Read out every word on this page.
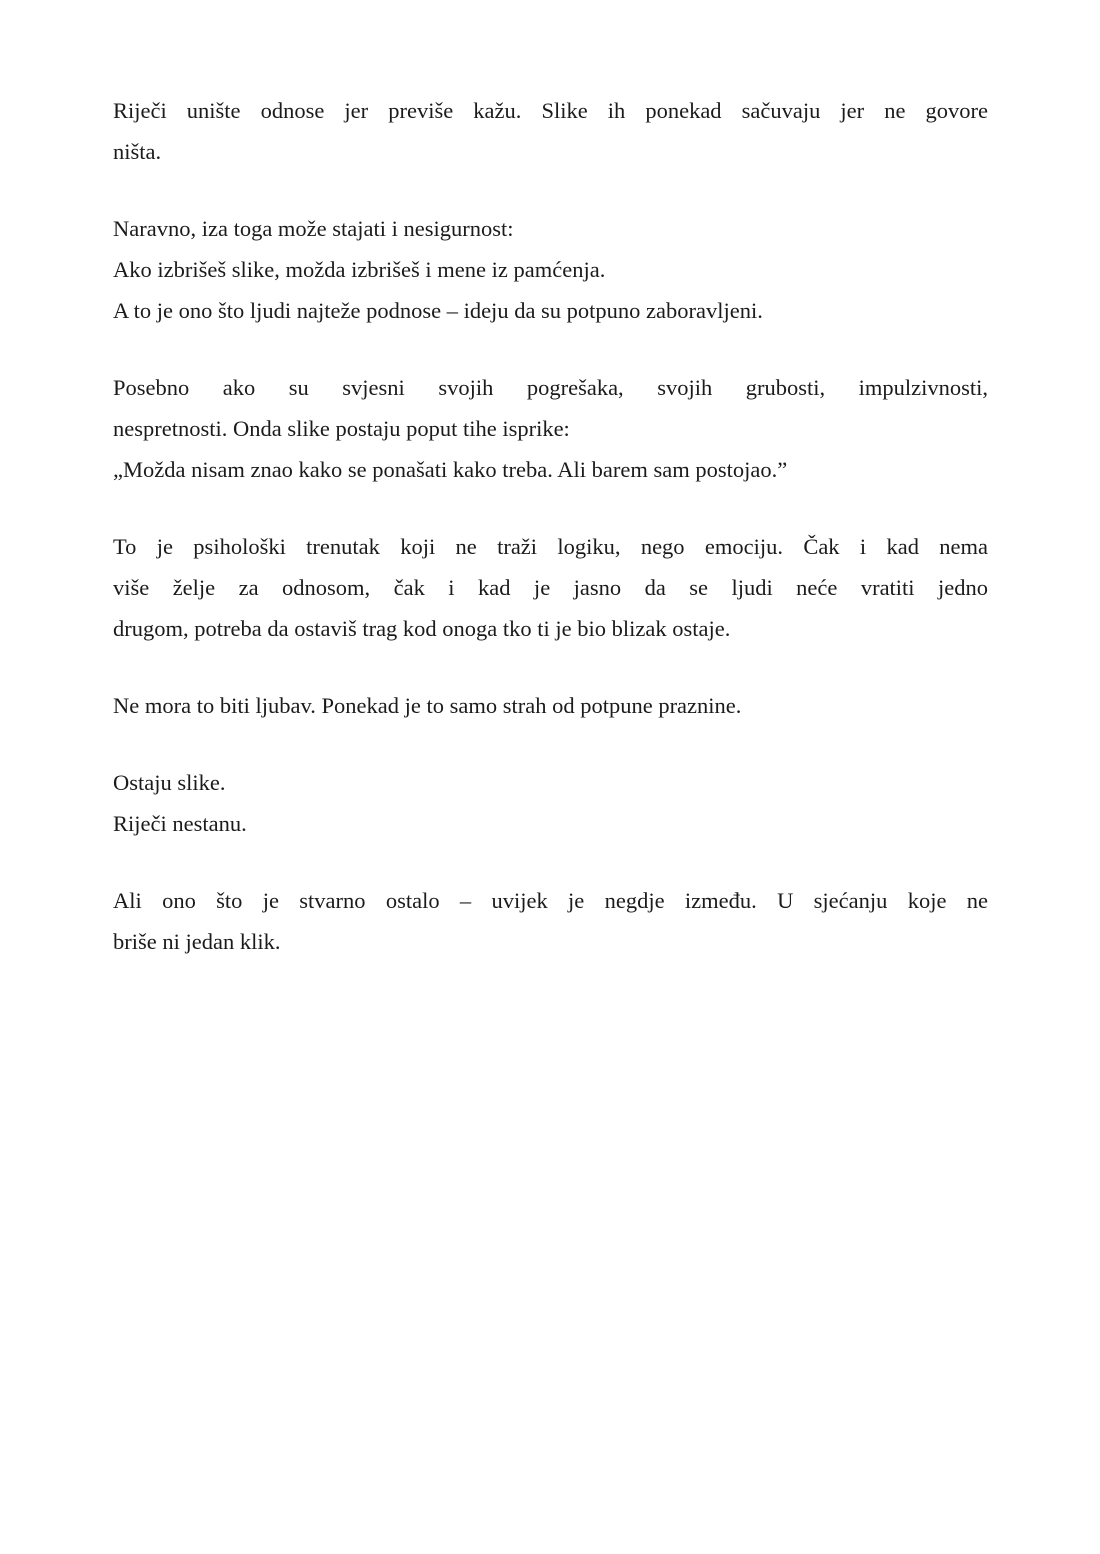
Riječi unište odnose jer previše kažu. Slike ih ponekad sačuvaju jer ne govore
ništa.
Naravno, iza toga može stajati i nesigurnost:
Ako izbrišeš slike, možda izbrišeš i mene iz pamćenja.
A to je ono što ljudi najteže podnose – ideju da su potpuno zaboravljeni.
Posebno ako su svjesni svojih pogrešaka, svojih grubosti, impulzivnosti,
nespretnosti. Onda slike postaju poput tihe isprike:
„Možda nisam znao kako se ponašati kako treba. Ali barem sam postojao.”
To je psihološki trenutak koji ne traži logiku, nego emociju. Čak i kad nema
više želje za odnosom, čak i kad je jasno da se ljudi neće vratiti jedno
drugom, potreba da ostaviš trag kod onoga tko ti je bio blizak ostaje.
Ne mora to biti ljubav. Ponekad je to samo strah od potpune praznine.
Ostaju slike.
Riječi nestanu.
Ali ono što je stvarno ostalo – uvijek je negdje između. U sjećanju koje ne
briše ni jedan klik.
